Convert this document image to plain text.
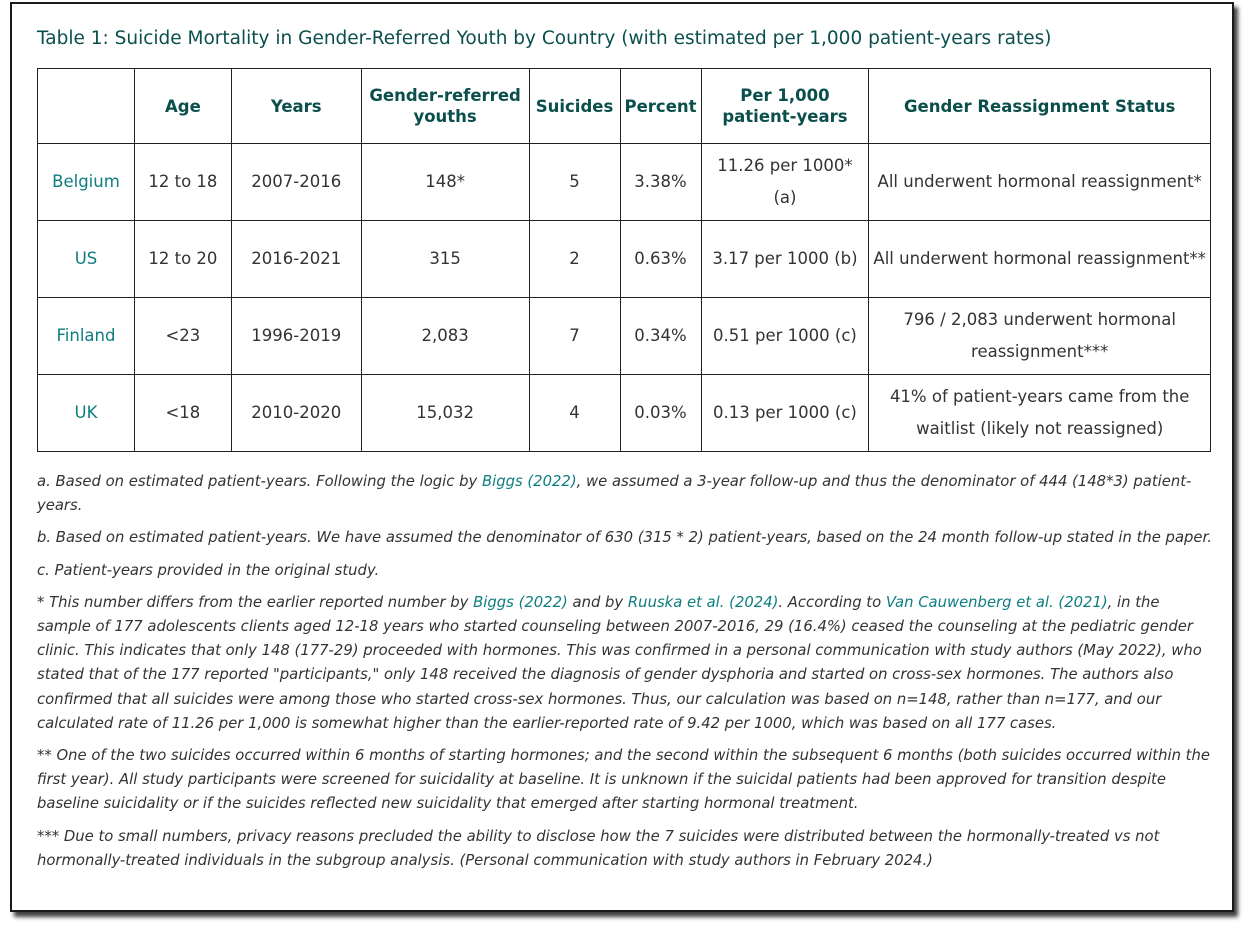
Table 1: Suicide Mortality in Gender-Referred Youth by Country (with estimated per 1,000 patient-years rates)
	Age	Years	Gender-referred youths	Suicides	Percent	Per 1,000 patient-years	Gender Reassignment Status
Belgium	12 to 18	2007-2016	148*	5	3.38%	11.26 per 1000* (a)	All underwent hormonal reassignment*
US	12 to 20	2016-2021	315	2	0.63%	3.17 per 1000 (b)	All underwent hormonal reassignment**
Finland	<23	1996-2019	2,083	7	0.34%	0.51 per 1000 (c)	796 / 2,083 underwent hormonal reassignment***
UK	<18	2010-2020	15,032	4	0.03%	0.13 per 1000 (c)	41% of patient-years came from the waitlist (likely not reassigned)

a. Based on estimated patient-years. Following the logic by Biggs (2022), we assumed a 3-year follow-up and thus the denominator of 444 (148*3) patient-years.

b. Based on estimated patient-years. We have assumed the denominator of 630 (315 * 2) patient-years, based on the 24 month follow-up stated in the paper.

c. Patient-years provided in the original study.

* This number differs from the earlier reported number by Biggs (2022) and by Ruuska et al. (2024). According to Van Cauwenberg et al. (2021), in the sample of 177 adolescents clients aged 12-18 years who started counseling between 2007-2016, 29 (16.4%) ceased the counseling at the pediatric gender clinic. This indicates that only 148 (177-29) proceeded with hormones. This was confirmed in a personal communication with study authors (May 2022), who stated that of the 177 reported "participants," only 148 received the diagnosis of gender dysphoria and started on cross-sex hormones. The authors also confirmed that all suicides were among those who started cross-sex hormones. Thus, our calculation was based on n=148, rather than n=177, and our calculated rate of 11.26 per 1,000 is somewhat higher than the earlier-reported rate of 9.42 per 1000, which was based on all 177 cases.

** One of the two suicides occurred within 6 months of starting hormones; and the second within the subsequent 6 months (both suicides occurred within the first year). All study participants were screened for suicidality at baseline. It is unknown if the suicidal patients had been approved for transition despite baseline suicidality or if the suicides reflected new suicidality that emerged after starting hormonal treatment.

*** Due to small numbers, privacy reasons precluded the ability to disclose how the 7 suicides were distributed between the hormonally-treated vs not hormonally-treated individuals in the subgroup analysis. (Personal communication with study authors in February 2024.)
